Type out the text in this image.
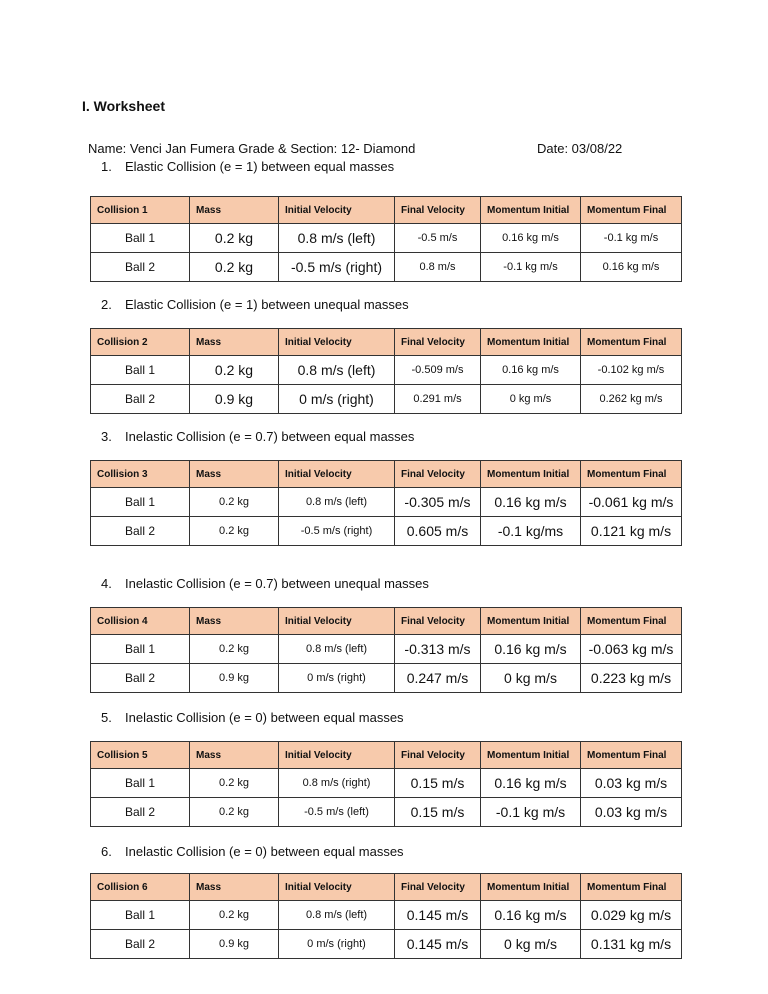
I. Worksheet
Name: Venci Jan Fumera Grade & Section: 12- Diamond	Date: 03/08/22
1. Elastic Collision (e = 1) between equal masses
Collision 1	Mass	Initial Velocity	Final Velocity	Momentum Initial	Momentum Final
Ball 1	0.2 kg	0.8 m/s (left)	-0.5 m/s	0.16 kg m/s	-0.1 kg m/s
Ball 2	0.2 kg	-0.5 m/s (right)	0.8 m/s	-0.1 kg m/s	0.16 kg m/s
2. Elastic Collision (e = 1) between unequal masses
Collision 2	Mass	Initial Velocity	Final Velocity	Momentum Initial	Momentum Final
Ball 1	0.2 kg	0.8 m/s (left)	-0.509 m/s	0.16 kg m/s	-0.102 kg m/s
Ball 2	0.9 kg	0 m/s (right)	0.291 m/s	0 kg m/s	0.262 kg m/s
3. Inelastic Collision (e = 0.7) between equal masses
Collision 3	Mass	Initial Velocity	Final Velocity	Momentum Initial	Momentum Final
Ball 1	0.2 kg	0.8 m/s (left)	-0.305 m/s	0.16 kg m/s	-0.061 kg m/s
Ball 2	0.2 kg	-0.5 m/s (right)	0.605 m/s	-0.1 kg/ms	0.121 kg m/s
4. Inelastic Collision (e = 0.7) between unequal masses
Collision 4	Mass	Initial Velocity	Final Velocity	Momentum Initial	Momentum Final
Ball 1	0.2 kg	0.8 m/s (left)	-0.313 m/s	0.16 kg m/s	-0.063 kg m/s
Ball 2	0.9 kg	0 m/s (right)	0.247 m/s	0 kg m/s	0.223 kg m/s
5. Inelastic Collision (e = 0) between equal masses
Collision 5	Mass	Initial Velocity	Final Velocity	Momentum Initial	Momentum Final
Ball 1	0.2 kg	0.8 m/s (right)	0.15 m/s	0.16 kg m/s	0.03 kg m/s
Ball 2	0.2 kg	-0.5 m/s (left)	0.15 m/s	-0.1 kg m/s	0.03 kg m/s
6. Inelastic Collision (e = 0) between equal masses
Collision 6	Mass	Initial Velocity	Final Velocity	Momentum Initial	Momentum Final
Ball 1	0.2 kg	0.8 m/s (left)	0.145 m/s	0.16 kg m/s	0.029 kg m/s
Ball 2	0.9 kg	0 m/s (right)	0.145 m/s	0 kg m/s	0.131 kg m/s
